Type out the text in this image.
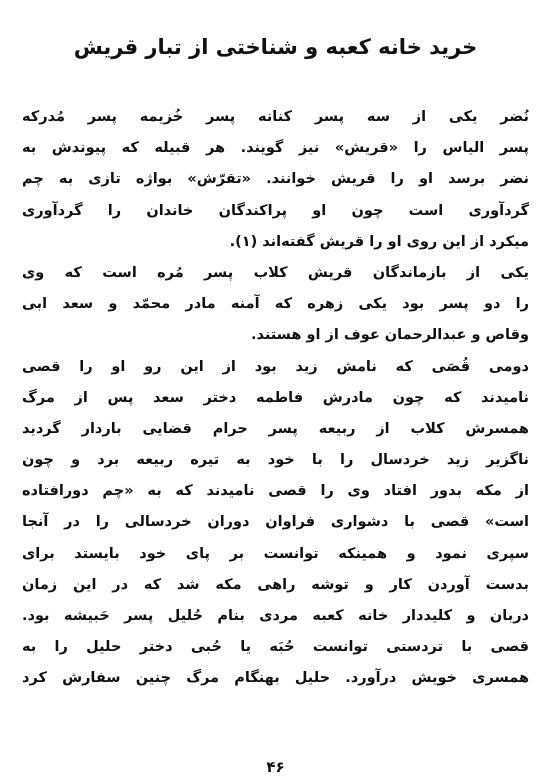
خرید خانه کعبه و شناختی از تبار قریش
نُضر یکی از سه پسر کنانه پسر خُزیمه پسر مُدرکه
پسر الیاس را «قریش» نیز گویند. هر قبیله که پیوندش به
نضر برسد او را قریش خوانند. «تقرّش» بواژه تازی به چم
گردآوری است چون او پراکندگان خاندان را گردآوری
میکرد از این روی او را قریش گفته‌اند (۱).
یکی از بازماندگان قریش کلاب پسر مُره است که وی
را دو پسر بود یکی زهره که آمنه مادر محمّد و سعد ابی
وقاص و عبدالرحمان عوف از او هستند.
دومی قُصَی که نامش زید بود از این رو او را قصی
نامیدند که چون مادرش فاطمه دختر سعد پس از مرگ
همسرش کلاب از ربیعه پسر حرام قضایی باردار گردید
ناگزیر زید خردسال را با خود به تیره ربیعه برد و چون
از مکه بدور افتاد وی را قصی نامیدند که به «چم دورافتاده
است» قصی با دشواری فراوان دوران خردسالی را در آنجا
سپری نمود و همینکه توانست بر پای خود بایستد برای
بدست آوردن کار و توشه راهی مکه شد که در این زمان
دربان و کلیددار خانه کعبه مردی بنام حُلیل پسر حَبیشه بود.
قصی با تردستی توانست حُبَه یا حُبی دختر حلیل را به
همسری خویش درآورد. حلیل بهنگام مرگ چنین سفارش کرد
۴۶
